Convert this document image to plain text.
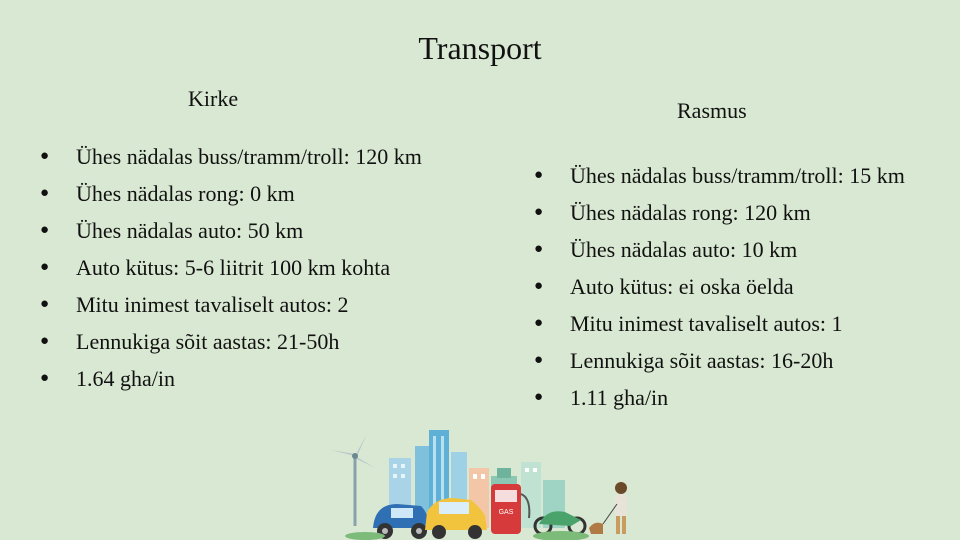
Transport
Kirke
● Ühes nädalas buss/tramm/troll: 120 km
● Ühes nädalas rong: 0 km
● Ühes nädalas auto: 50 km
● Auto kütus: 5-6 liitrit 100 km kohta
● Mitu inimest tavaliselt autos: 2
● Lennukiga sõit aastas: 21-50h
● 1.64 gha/in
Rasmus
● Ühes nädalas buss/tramm/troll: 15 km
● Ühes nädalas rong: 120 km
● Ühes nädalas auto: 10 km
● Auto kütus: ei oska öelda
● Mitu inimest tavaliselt autos: 1
● Lennukiga sõit aastas: 16-20h
● 1.11 gha/in
GAS
